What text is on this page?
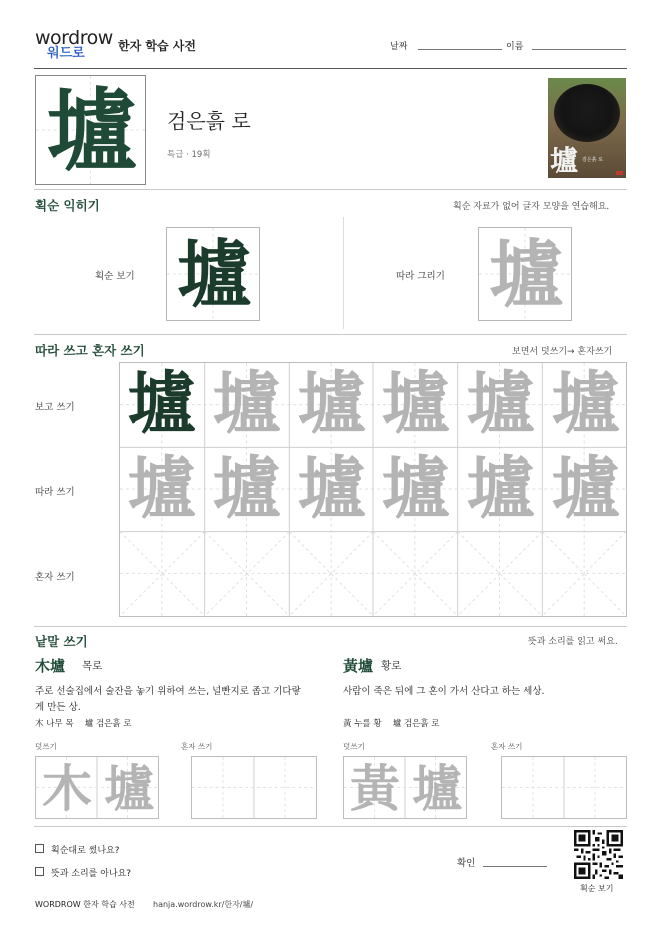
wordrow
워드로	한자 학습 사전	날짜	이름
壚	검은흙 로
특급 · 19획	壚 검은흙 로
획순 익히기	획순 자료가 없어 글자 모양을 연습해요.
획순 보기 壚	따라 그리기 壚
따라 쓰고 혼자 쓰기	보면서 덧쓰기→ 혼자쓰기
보고 쓰기
따라 쓰기
혼자 쓰기
壚 壚 壚 壚 壚 壚
壚 壚 壚 壚 壚 壚
낱말 쓰기	뜻과 소리를 읽고 써요.
木壚 목로
주로 선술집에서 술잔을 놓기 위하여 쓰는, 널빤지로 좁고 기다랗게 만든 상.
木 나무 목　 壚 검은흙 로
덧쓰기	혼자 쓰기
木 壚
黃壚 황로
사람이 죽은 뒤에 그 혼이 가서 산다고 하는 세상.
黃 누를 황　 壚 검은흙 로
덧쓰기	혼자 쓰기
黃 壚
획순대로 썼나요?
뜻과 소리를 아나요?
확인
획순 보기
WORDROW 한자 학습 사전 hanja.wordrow.kr/한자/壚/
